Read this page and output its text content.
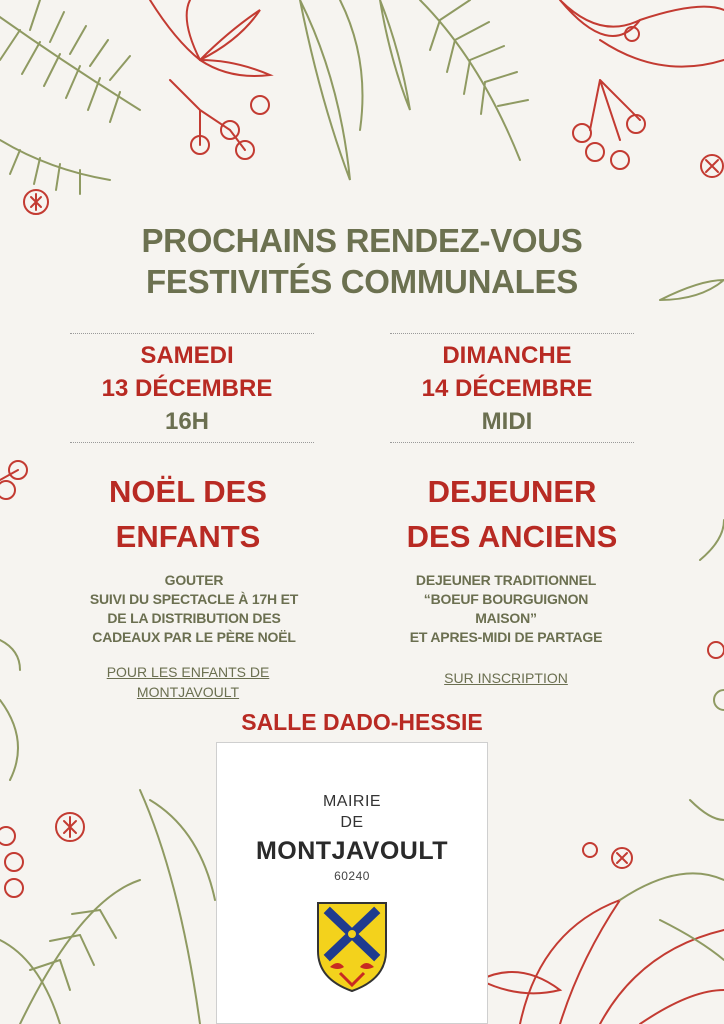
PROCHAINS RENDEZ-VOUS
FESTIVITÉS COMMUNALES
SAMEDI
13 DÉCEMBRE
16H
NOËL DES
ENFANTS
GOUTER
SUIVI DU SPECTACLE À 17H ET
DE LA DISTRIBUTION DES
CADEAUX PAR LE PÈRE NOËL
POUR LES ENFANTS DE
MONTJAVOULT
DIMANCHE
14 DÉCEMBRE
MIDI
DEJEUNER
DES ANCIENS
DEJEUNER TRADITIONNEL
“BOEUF BOURGUIGNON
MAISON”
ET APRES-MIDI DE PARTAGE
SUR INSCRIPTION
SALLE DADO-HESSIE
MAIRIE
DE
MONTJAVOULT
60240
